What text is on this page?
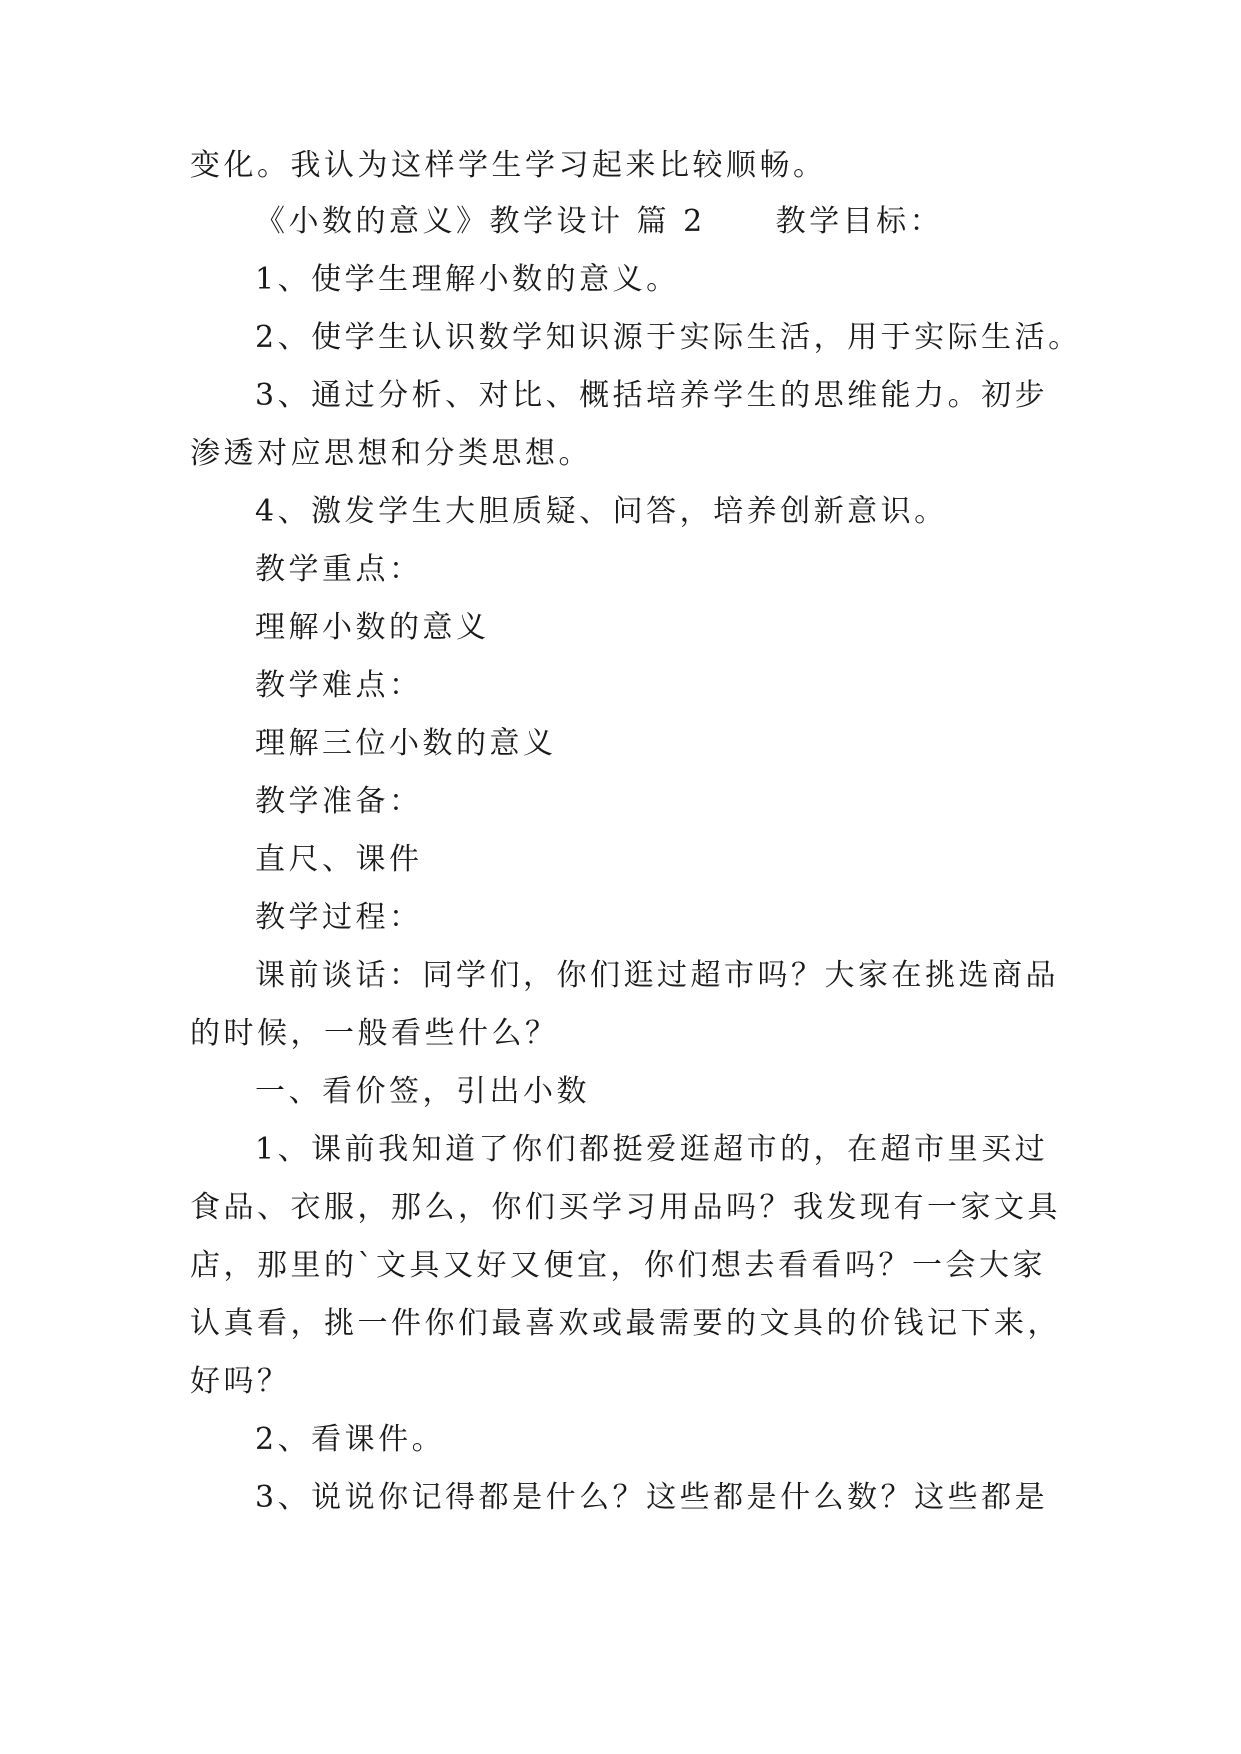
变化。我认为这样学生学习起来比较顺畅。

《小数的意义》教学设计 篇 2 教学目标：

1、使学生理解小数的意义。

2、使学生认识数学知识源于实际生活，用于实际生活。

3、通过分析、对比、概括培养学生的思维能力。初步

渗透对应思想和分类思想。

4、激发学生大胆质疑、问答，培养创新意识。

教学重点：

理解小数的意义

教学难点：

理解三位小数的意义

教学准备：

直尺、课件

教学过程：

课前谈话：同学们，你们逛过超市吗？大家在挑选商品

的时候，一般看些什么？

一、看价签，引出小数

1、课前我知道了你们都挺爱逛超市的，在超市里买过

食品、衣服，那么，你们买学习用品吗？我发现有一家文具

店，那里的`文具又好又便宜，你们想去看看吗？一会大家

认真看，挑一件你们最喜欢或最需要的文具的价钱记下来，

好吗？

2、看课件。

3、说说你记得都是什么？这些都是什么数？这些都是
